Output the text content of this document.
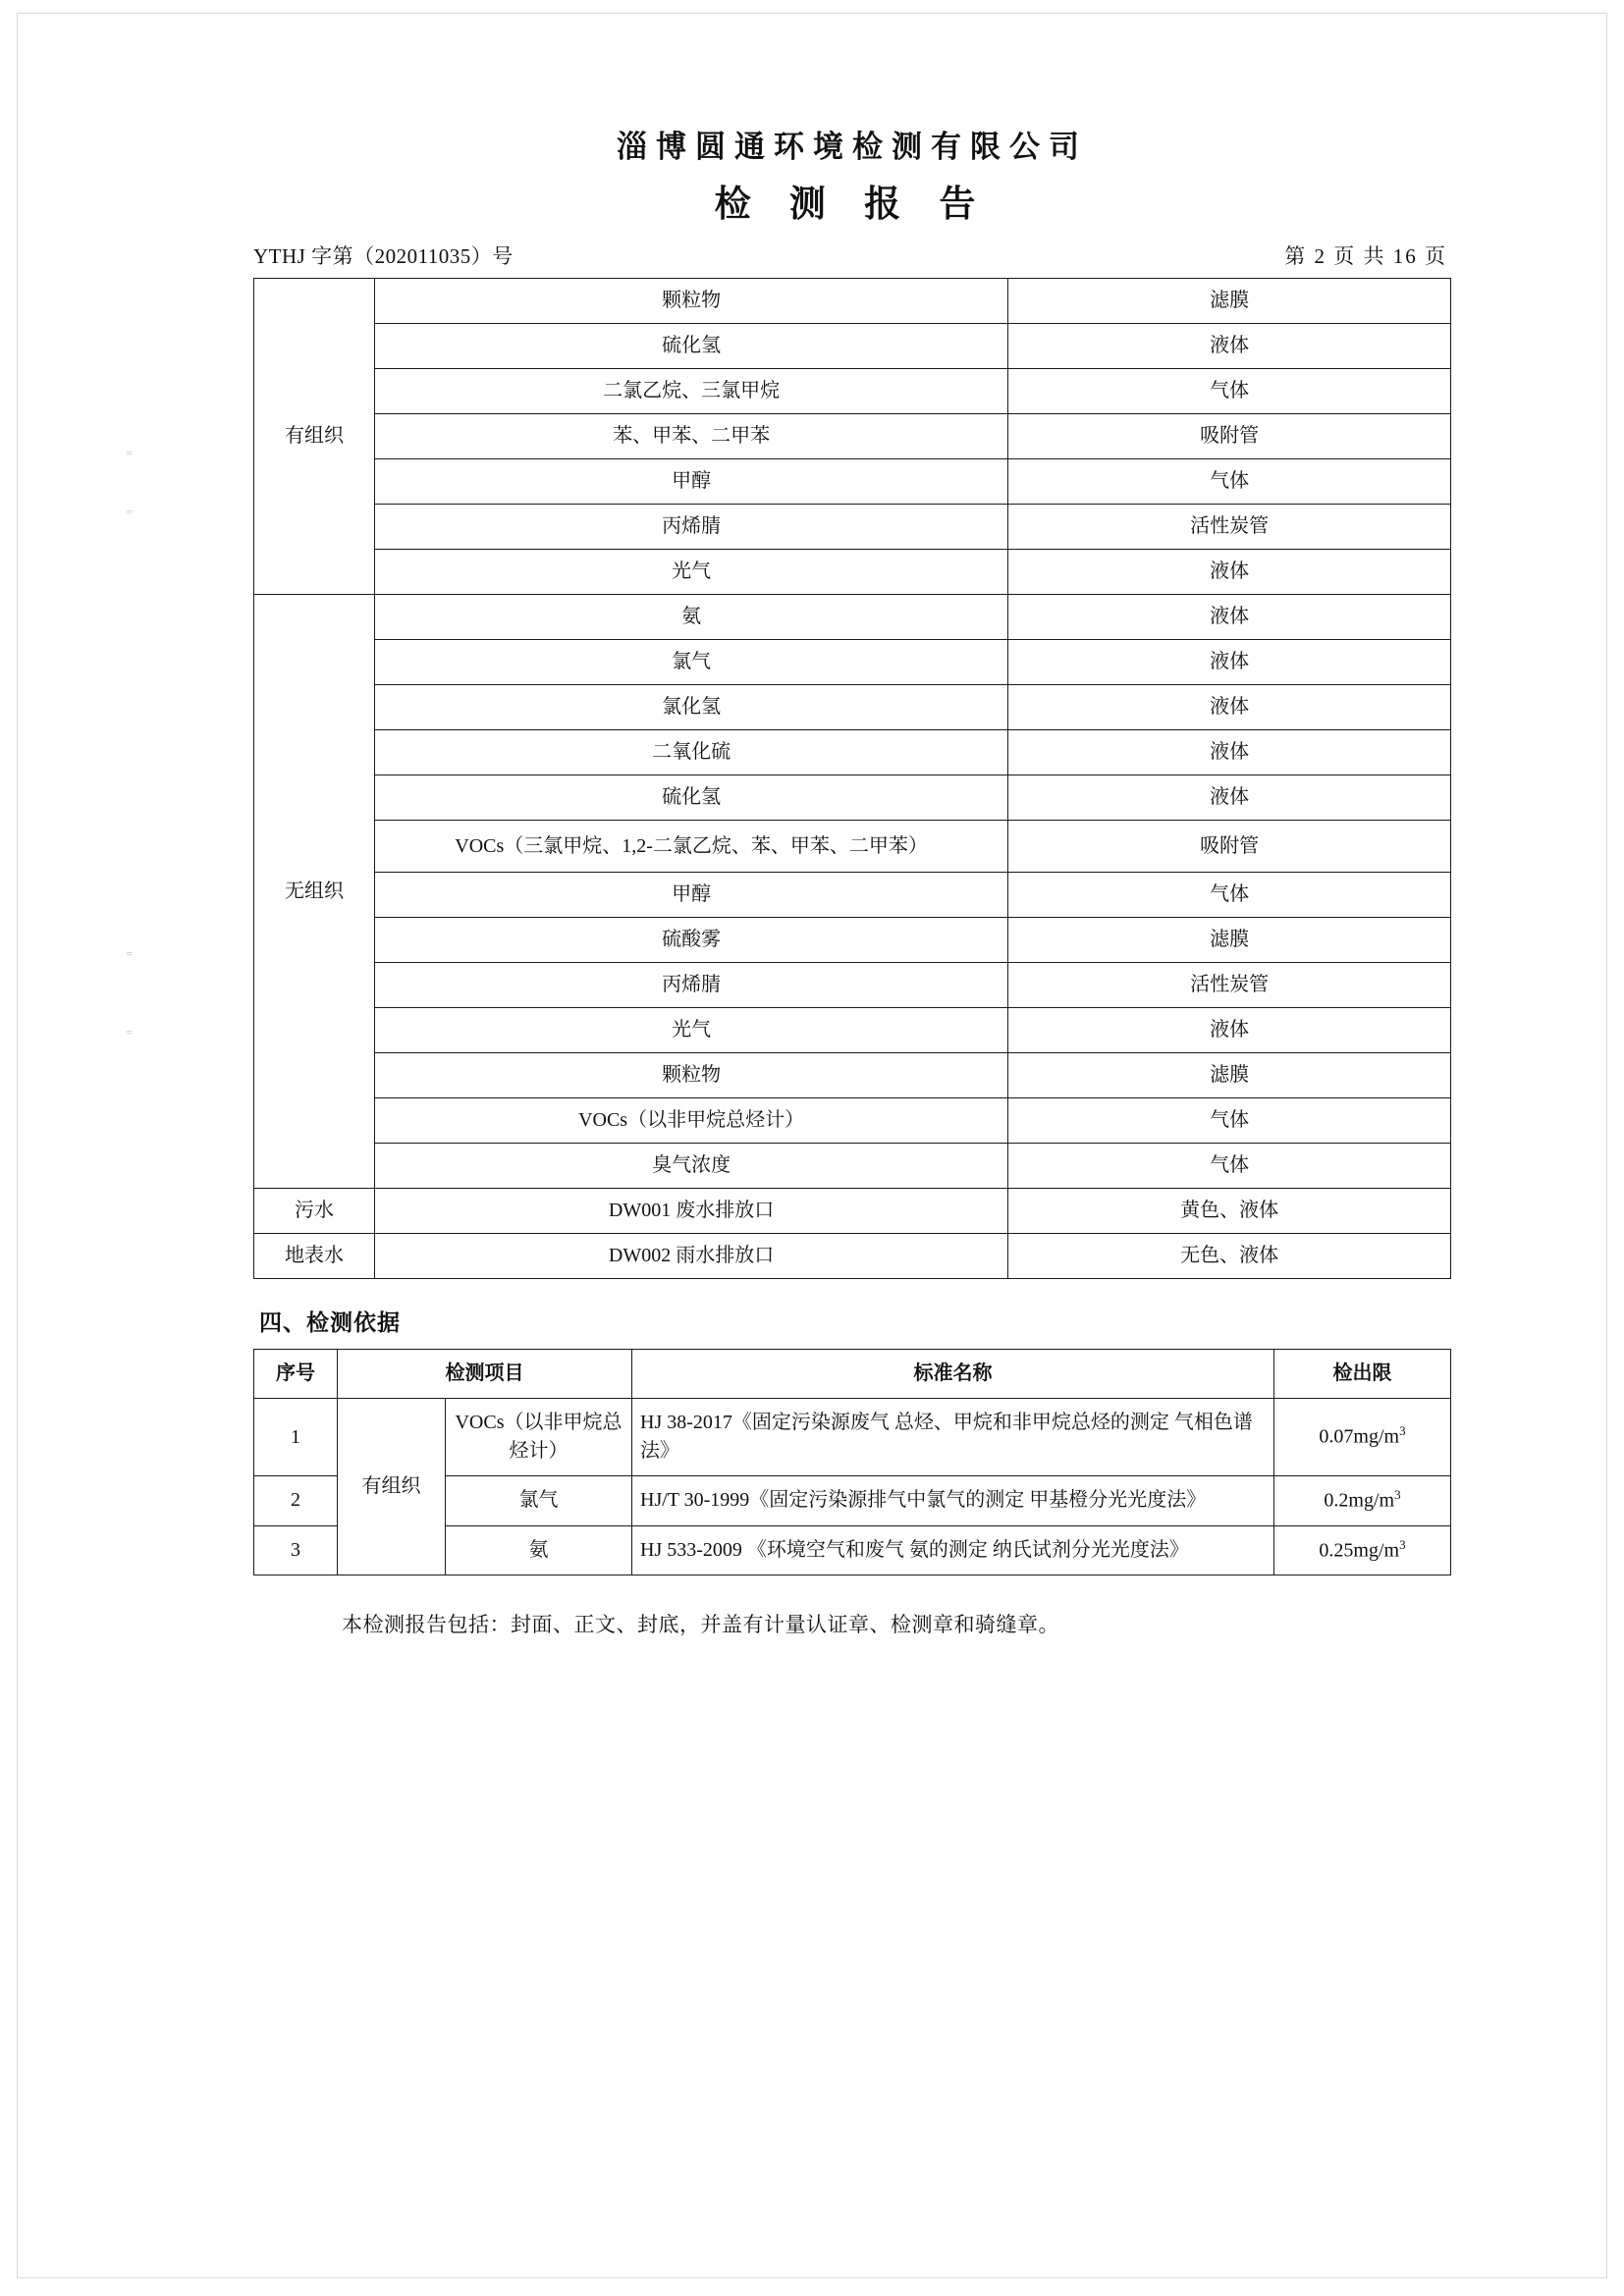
=
=
=
=
淄博圆通环境检测有限公司
检 测 报 告
YTHJ 字第（202011035）号	第 2 页 共 16 页
有组织	颗粒物	滤膜
	硫化氢	液体
	二氯乙烷、三氯甲烷	气体
	苯、甲苯、二甲苯	吸附管
	甲醇	气体
	丙烯腈	活性炭管
	光气	液体
无组织	氨	液体
	氯气	液体
	氯化氢	液体
	二氧化硫	液体
	硫化氢	液体
	VOCs（三氯甲烷、1,2-二氯乙烷、苯、甲苯、二甲苯）	吸附管
	甲醇	气体
	硫酸雾	滤膜
	丙烯腈	活性炭管
	光气	液体
	颗粒物	滤膜
	VOCs（以非甲烷总烃计）	气体
	臭气浓度	气体
污水	DW001 废水排放口	黄色、液体
地表水	DW002 雨水排放口	无色、液体
四、检测依据
序号	检测项目		标准名称	检出限
1	有组织	VOCs（以非甲烷总烃计）	HJ 38-2017《固定污染源废气 总烃、甲烷和非甲烷总烃的测定 气相色谱法》	$0.07mg/m^3$
2		氯气	HJ/T 30-1999《固定污染源排气中氯气的测定 甲基橙分光光度法》	$0.2mg/m^3$
3		氨	HJ 533-2009 《环境空气和废气 氨的测定 纳氏试剂分光光度法》	$0.25mg/m^3$
本检测报告包括：封面、正文、封底，并盖有计量认证章、检测章和骑缝章。
